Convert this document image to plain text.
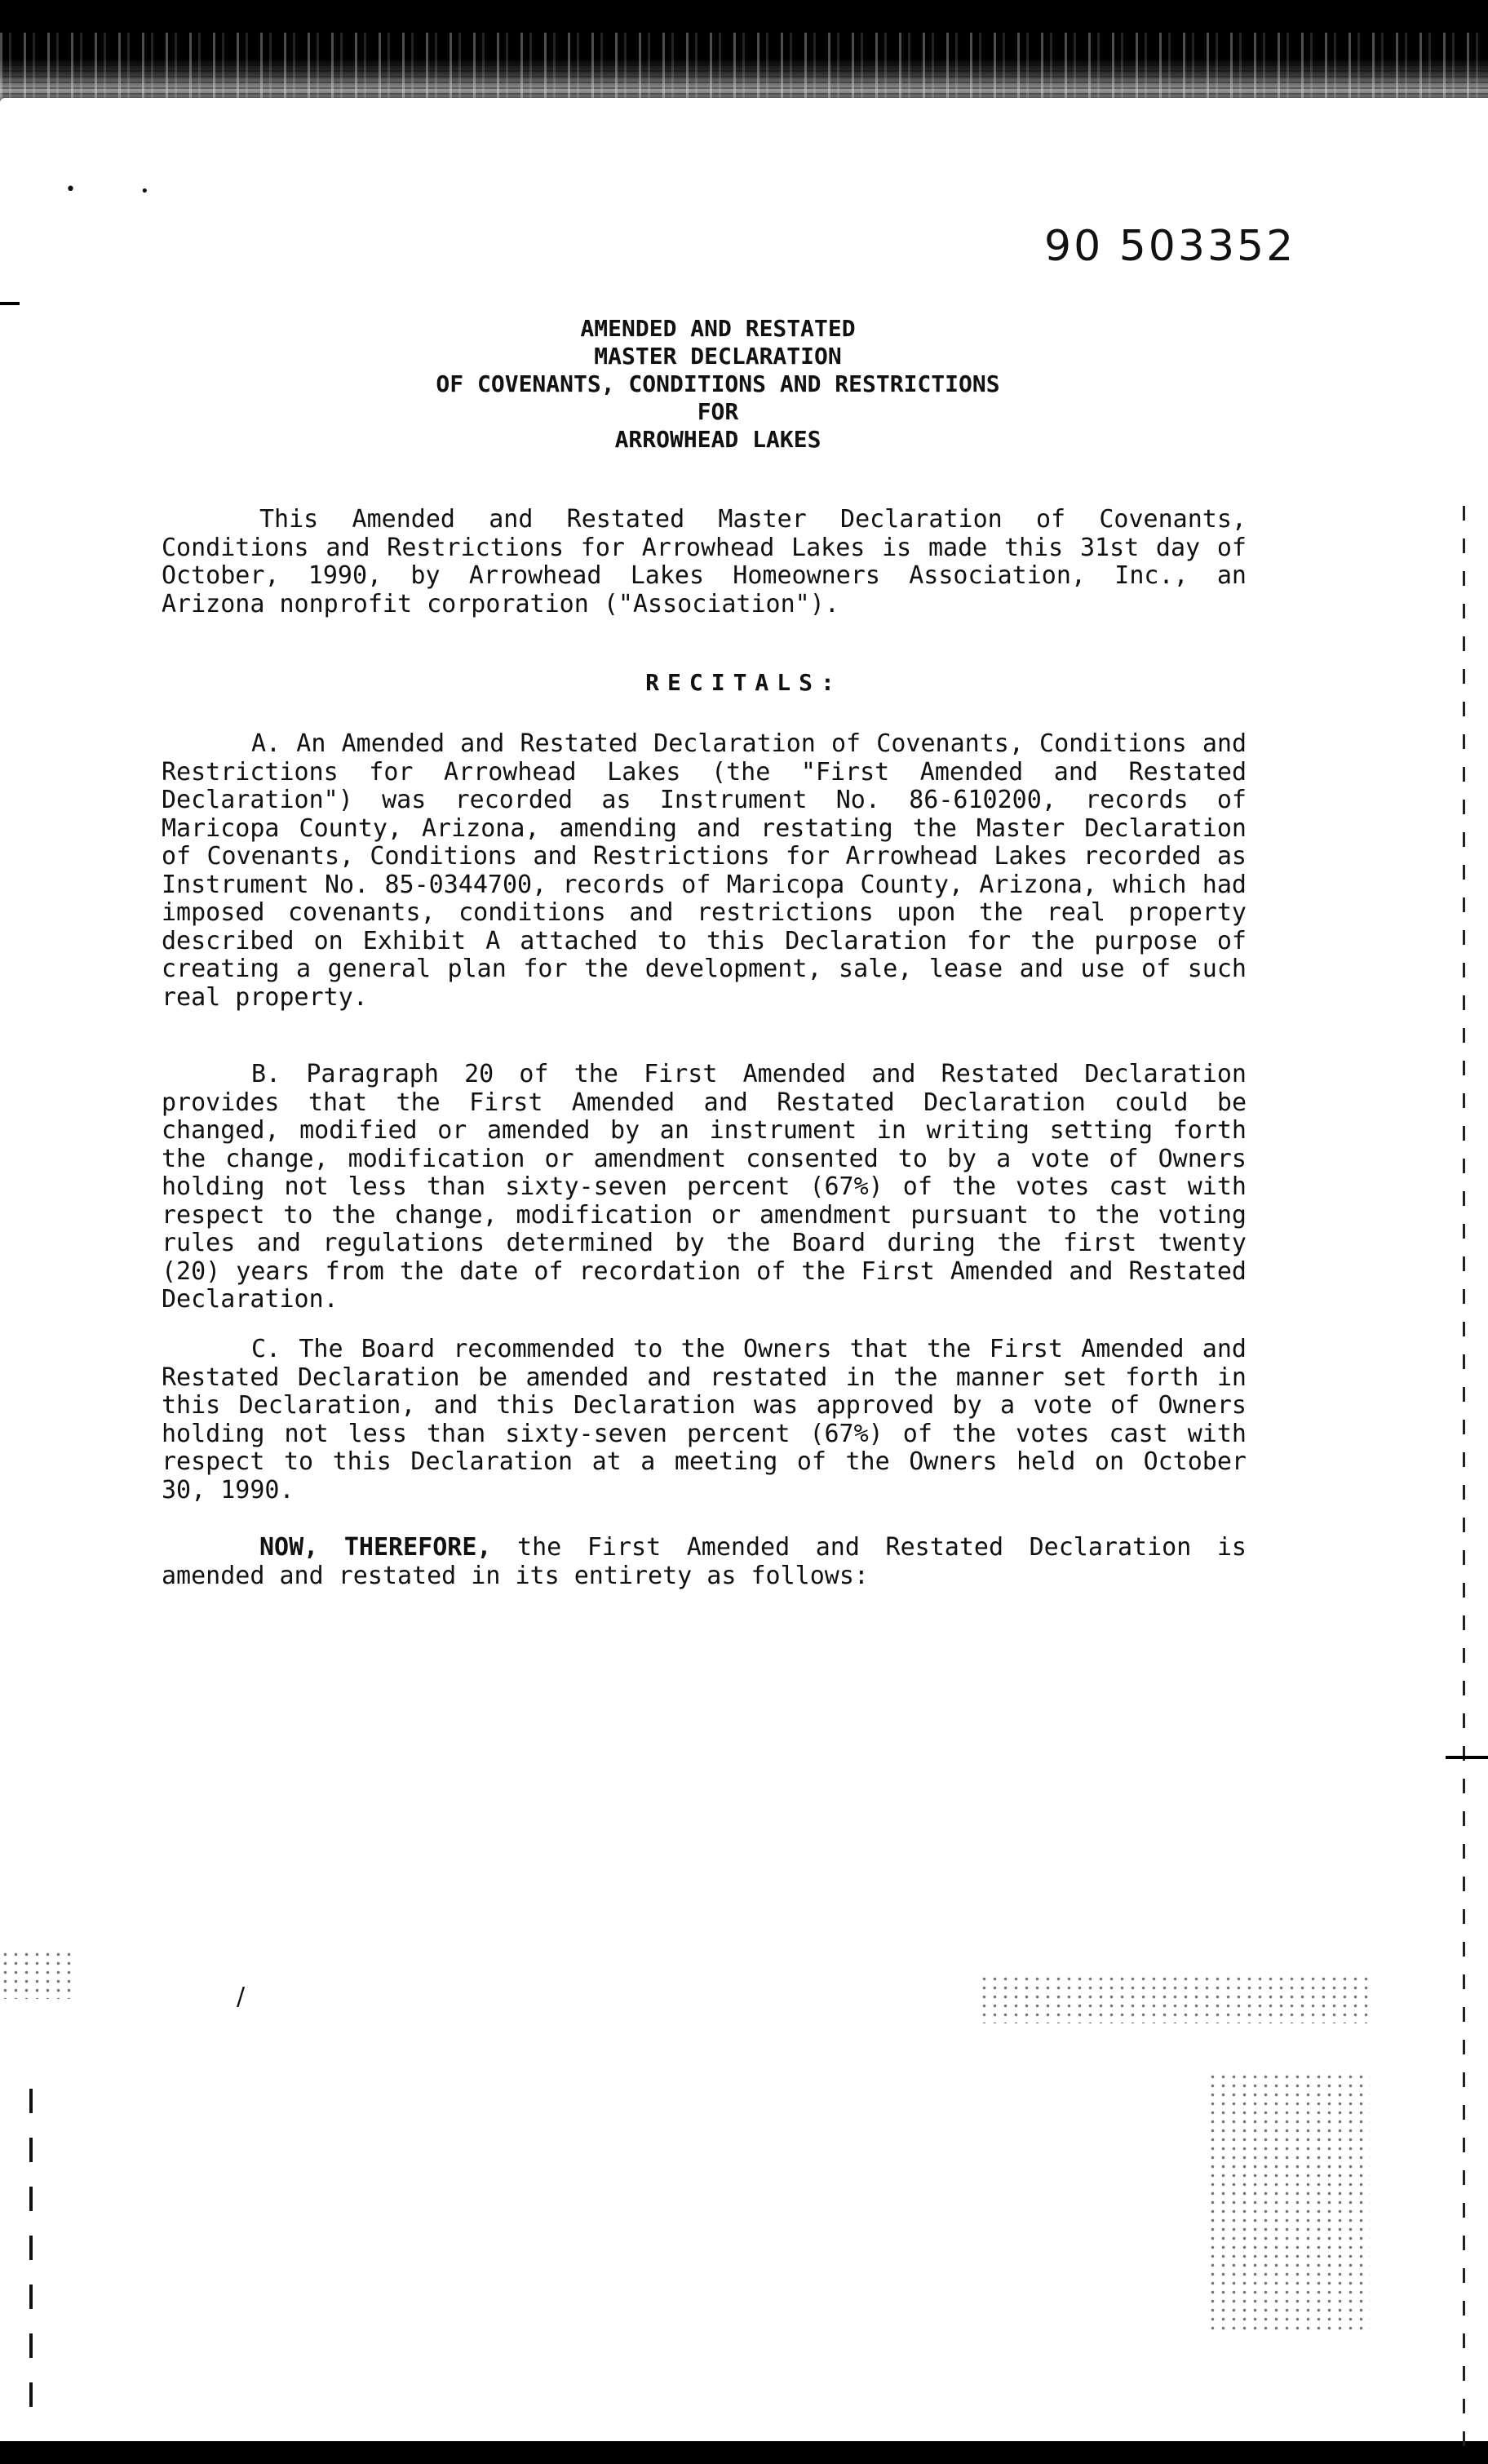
•	•
/
90 503352
AMENDED AND RESTATED
MASTER DECLARATION
OF COVENANTS, CONDITIONS AND RESTRICTIONS
FOR
ARROWHEAD LAKES
This Amended and Restated Master Declaration of Covenants, Conditions and Restrictions for Arrowhead Lakes is made this 31st day of October, 1990, by Arrowhead Lakes Homeowners Association, Inc., an Arizona nonprofit corporation ("Association").
RECITALS:
A. An Amended and Restated Declaration of Covenants, Conditions and Restrictions for Arrowhead Lakes (the "First Amended and Restated Declaration") was recorded as Instrument No. 86-610200, records of Maricopa County, Arizona, amending and restating the Master Declaration of Covenants, Conditions and Restrictions for Arrowhead Lakes recorded as Instrument No. 85-0344700, records of Maricopa County, Arizona, which had imposed covenants, conditions and restrictions upon the real property described on Exhibit A attached to this Declaration for the purpose of creating a general plan for the development, sale, lease and use of such real property.
B. Paragraph 20 of the First Amended and Restated Declaration provides that the First Amended and Restated Declaration could be changed, modified or amended by an instrument in writing setting forth the change, modification or amendment consented to by a vote of Owners holding not less than sixty-seven percent (67%) of the votes cast with respect to the change, modification or amendment pursuant to the voting rules and regulations determined by the Board during the first twenty (20) years from the date of recordation of the First Amended and Restated Declaration.
C. The Board recommended to the Owners that the First Amended and Restated Declaration be amended and restated in the manner set forth in this Declaration, and this Declaration was approved by a vote of Owners holding not less than sixty-seven percent (67%) of the votes cast with respect to this Declaration at a meeting of the Owners held on October 30, 1990.
NOW, THEREFORE, the First Amended and Restated Declaration is amended and restated in its entirety as follows:
